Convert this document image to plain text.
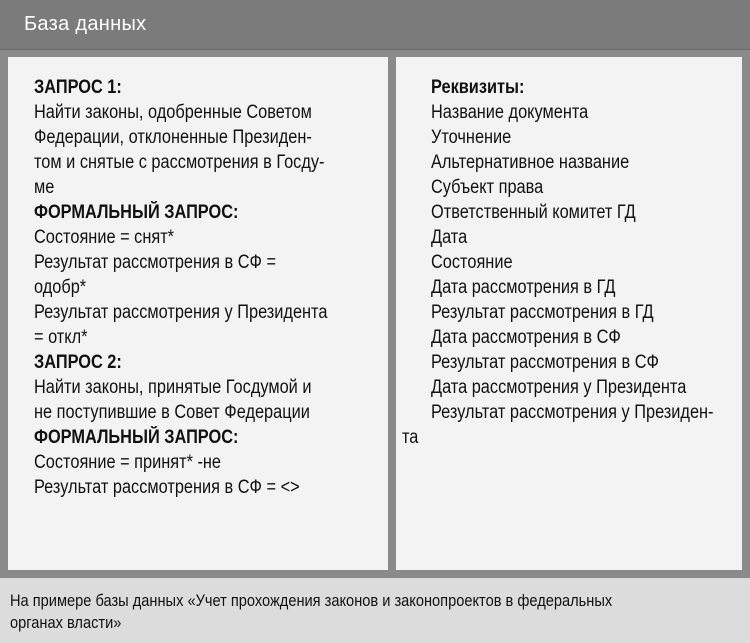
База данных
ЗАПРОС 1:
Найти законы, одобренные Советом
Федерации, отклоненные Президен-
том и снятые с рассмотрения в Госду-
ме
ФОРМАЛЬНЫЙ ЗАПРОС:
Состояние = снят*
Результат рассмотрения в СФ =
одобр*
Результат рассмотрения у Президента
= откл*
ЗАПРОС 2:
Найти законы, принятые Госдумой и
не поступившие в Совет Федерации
ФОРМАЛЬНЫЙ ЗАПРОС:
Состояние = принят* -не
Результат рассмотрения в СФ = <>
Реквизиты:
Название документа
Уточнение
Альтернативное название
Субъект права
Ответственный комитет ГД
Дата
Состояние
Дата рассмотрения в ГД
Результат рассмотрения в ГД
Дата рассмотрения в СФ
Результат рассмотрения в СФ
Дата рассмотрения у Президента
Результат рассмотрения у Президен-
та
На примере базы данных «Учет прохождения законов и законопроектов в федеральных
органах власти»
